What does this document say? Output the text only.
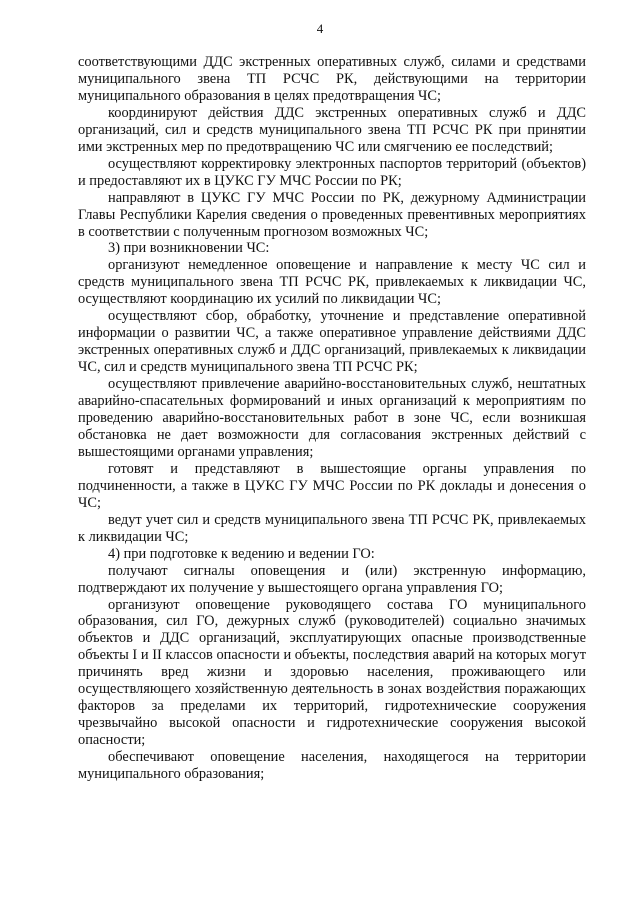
4

соответствующими ДДС экстренных оперативных служб, силами и средствами муниципального звена ТП РСЧС РК, действующими на территории муниципального образования в целях предотвращения ЧС;

координируют действия ДДС экстренных оперативных служб и ДДС организаций, сил и средств муниципального звена ТП РСЧС РК при принятии ими экстренных мер по предотвращению ЧС или смягчению ее последствий;

осуществляют корректировку электронных паспортов территорий (объектов) и предоставляют их в ЦУКС ГУ МЧС России по РК;

направляют в ЦУКС ГУ МЧС России по РК, дежурному Администрации Главы Республики Карелия сведения о проведенных превентивных мероприятиях в соответствии с полученным прогнозом возможных ЧС;

3) при возникновении ЧС:

организуют немедленное оповещение и направление к месту ЧС сил и средств муниципального звена ТП РСЧС РК, привлекаемых к ликвидации ЧС, осуществляют координацию их усилий по ликвидации ЧС;

осуществляют сбор, обработку, уточнение и представление оперативной информации о развитии ЧС, а также оперативное управление действиями ДДС экстренных оперативных служб и ДДС организаций, привлекаемых к ликвидации ЧС, сил и средств муниципального звена ТП РСЧС РК;

осуществляют привлечение аварийно-восстановительных служб, нештатных аварийно-спасательных формирований и иных организаций к мероприятиям по проведению аварийно-восстановительных работ в зоне ЧС, если возникшая обстановка не дает возможности для согласования экстренных действий с вышестоящими органами управления;

готовят и представляют в вышестоящие органы управления по подчиненности, а также в ЦУКС ГУ МЧС России по РК доклады и донесения о ЧС;

ведут учет сил и средств муниципального звена ТП РСЧС РК, привлекаемых к ликвидации ЧС;

4) при подготовке к ведению и ведении ГО:

получают сигналы оповещения и (или) экстренную информацию, подтверждают их получение у вышестоящего органа управления ГО;

организуют оповещение руководящего состава ГО муниципального образования, сил ГО, дежурных служб (руководителей) социально значимых объектов и ДДС организаций, эксплуатирующих опасные производственные объекты I и II классов опасности и объекты, последствия аварий на которых могут причинять вред жизни и здоровью населения, проживающего или осуществляющего хозяйственную деятельность в зонах воздействия поражающих факторов за пределами их территорий, гидротехнические сооружения чрезвычайно высокой опасности и гидротехнические сооружения высокой опасности;

обеспечивают оповещение населения, находящегося на территории муниципального образования;
